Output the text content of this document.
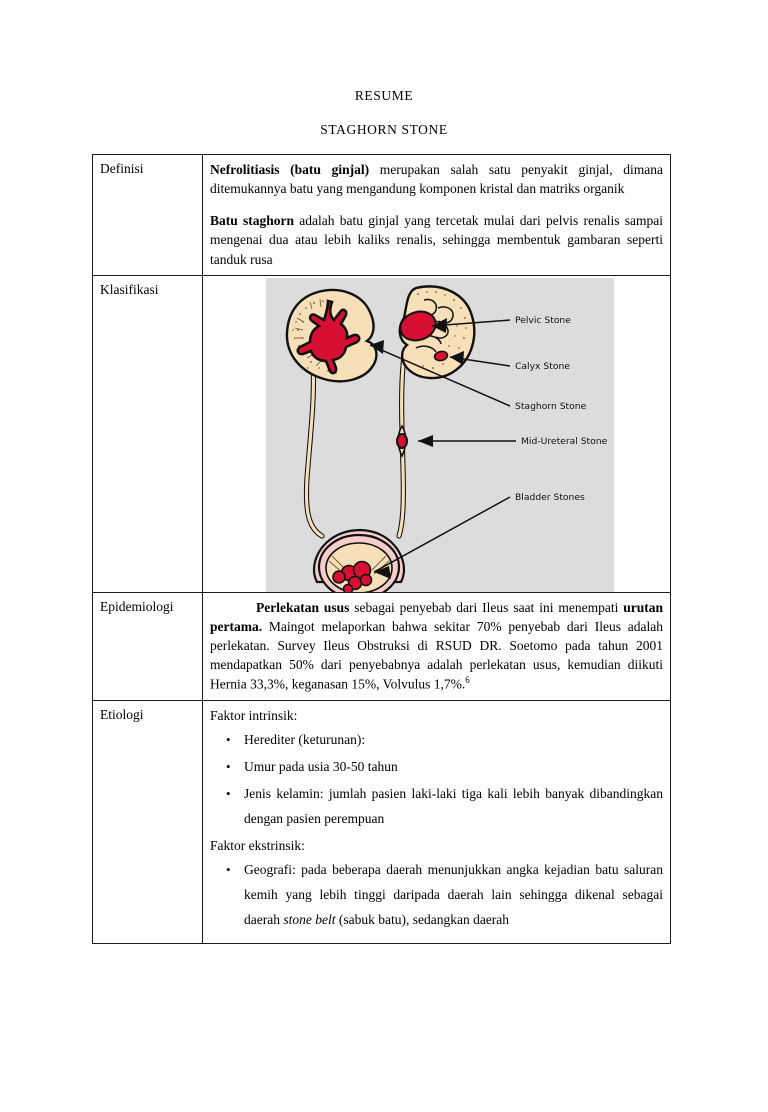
RESUME
STAGHORN STONE
Definisi	Nefrolitiasis (batu ginjal) merupakan salah satu penyakit ginjal, dimana ditemukannya batu yang mengandung komponen kristal dan matriks organik

Batu staghorn adalah batu ginjal yang tercetak mulai dari pelvis renalis sampai mengenai dua atau lebih kaliks renalis, sehingga membentuk gambaran seperti tanduk rusa

Klasifikasi	Pelvic Stone
Calyx Stone
Staghorn Stone
Mid-Ureteral Stone
Bladder Stones

Epidemiologi	Perlekatan usus sebagai penyebab dari Ileus saat ini menempati urutan pertama. Maingot melaporkan bahwa sekitar 70% penyebab dari Ileus adalah perlekatan. Survey Ileus Obstruksi di RSUD DR. Soetomo pada tahun 2001 mendapatkan 50% dari penyebabnya adalah perlekatan usus, kemudian diikuti Hernia 33,3%, keganasan 15%, Volvulus 1,7%.$^6$

Etiologi	Faktor intrinsik:

• Herediter (keturunan):
• Umur pada usia 30-50 tahun
• Jenis kelamin: jumlah pasien laki-laki tiga kali lebih banyak dibandingkan dengan pasien perempuan

Faktor ekstrinsik:

• Geografi: pada beberapa daerah menunjukkan angka kejadian batu saluran kemih yang lebih tinggi daripada daerah lain sehingga dikenal sebagai daerah stone belt (sabuk batu), sedangkan daerah
